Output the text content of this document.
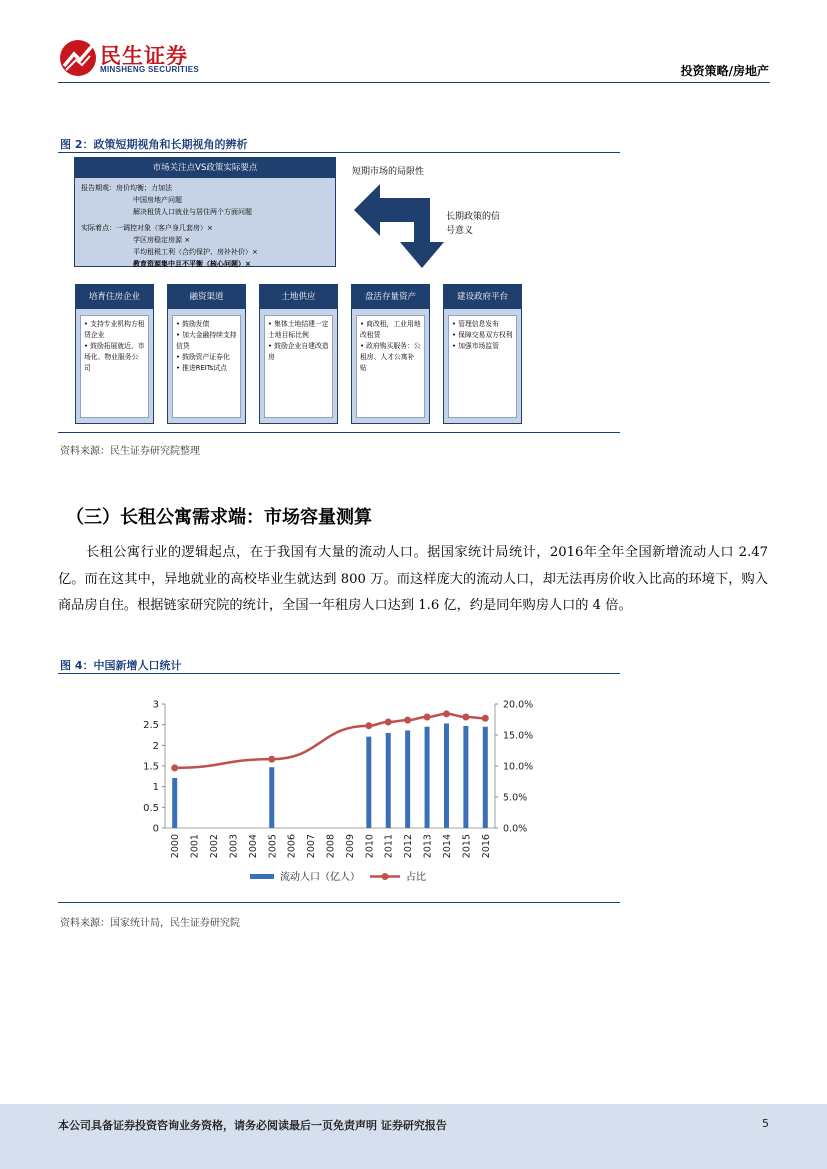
民生证券
MINSHENG SECURITIES	投资策略/房地产
图 2：政策短期视角和长期视角的辨析
市场关注点VS政策实际要点
报告期观：房价均衡；力加法
中国房地产问题
解决租赁人口就业与居住两个方面问题
实际着点：一调控对象（客户身几套房）×
学区房稳定房源 ×
平均租税工利（合约保护、房补补价）×
教育资源集中且不平衡（核心问题）×
短期市场的局限性
长期政策的信号意义
培育住房企业
• 支持专业机构方租赁企业
• 鼓励拓展就近、市场化、物业服务公司
融资渠道
• 鼓励发债
• 加大金融持续支持信贷
• 鼓励资产证券化
• 推进REITs试点
土地供应
• 集体土地结建一定土地目标比例
• 鼓励企业自建改造房
盘活存量资产
• 商改租，工业用地改租赁
• 政府购买服务：公租房、人才公寓补贴
建设政府平台
• 管理信息发布
• 保障交易双方权利
• 加强市场监管
资料来源：民生证券研究院整理
（三）长租公寓需求端：市场容量测算
长租公寓行业的逻辑起点，在于我国有大量的流动人口。据国家统计局统计，2016年全年全国新增流动人口 2.47 亿。而在这其中，异地就业的高校毕业生就达到 800 万。而这样庞大的流动人口，却无法再房价收入比高的环境下，购入商品房自住。根据链家研究院的统计，全国一年租房人口达到 1.6 亿，约是同年购房人口的 4 倍。
图 4：中国新增人口统计
0
0.5
1
1.5
2
2.5
3
0.0%
5.0%
10.0%
15.0%
20.0%
2000 2001 2002 2003 2004 2005 2006 2007 2008 2009 2010 2011 2012 2013 2014 2015 2016
流动人口（亿人）	占比
资料来源：国家统计局，民生证券研究院
本公司具备证券投资咨询业务资格，请务必阅读最后一页免责声明 证券研究报告	5
